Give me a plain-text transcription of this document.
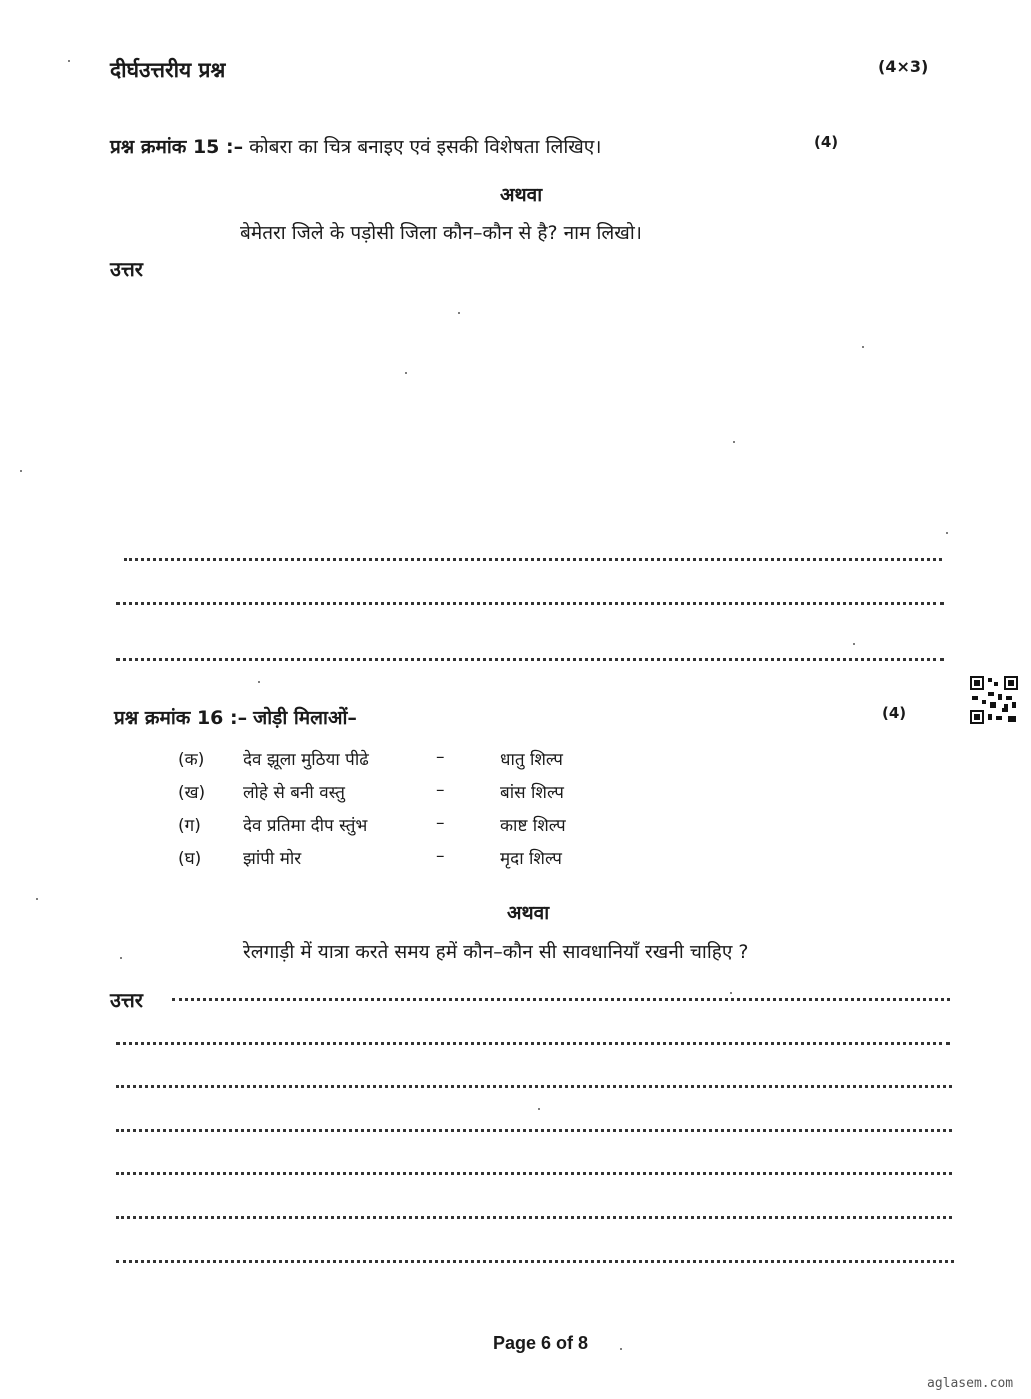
दीर्घउत्तरीय प्रश्न	(4×3)
प्रश्न क्रमांक 15 :– कोबरा का चित्र बनाइए एवं इसकी विशेषता लिखिए।	(4)
अथवा
बेमेतरा जिले के पड़ोसी जिला कौन–कौन से है? नाम लिखो।
उत्तर
प्रश्न क्रमांक 16 :– जोड़ी मिलाओं–	(4)
(क) देव झूला मुठिया पीढे	–	धातु शिल्प
(ख) लोहे से बनी वस्तु	–	बांस शिल्प
(ग) देव प्रतिमा दीप स्तुंभ	–	काष्ट शिल्प
(घ) झांपी मोर	–	मृदा शिल्प
अथवा
रेलगाड़ी में यात्रा करते समय हमें कौन–कौन सी सावधानियाँ रखनी चाहिए ?
उत्तर
Page 6 of 8
aglasem.com
